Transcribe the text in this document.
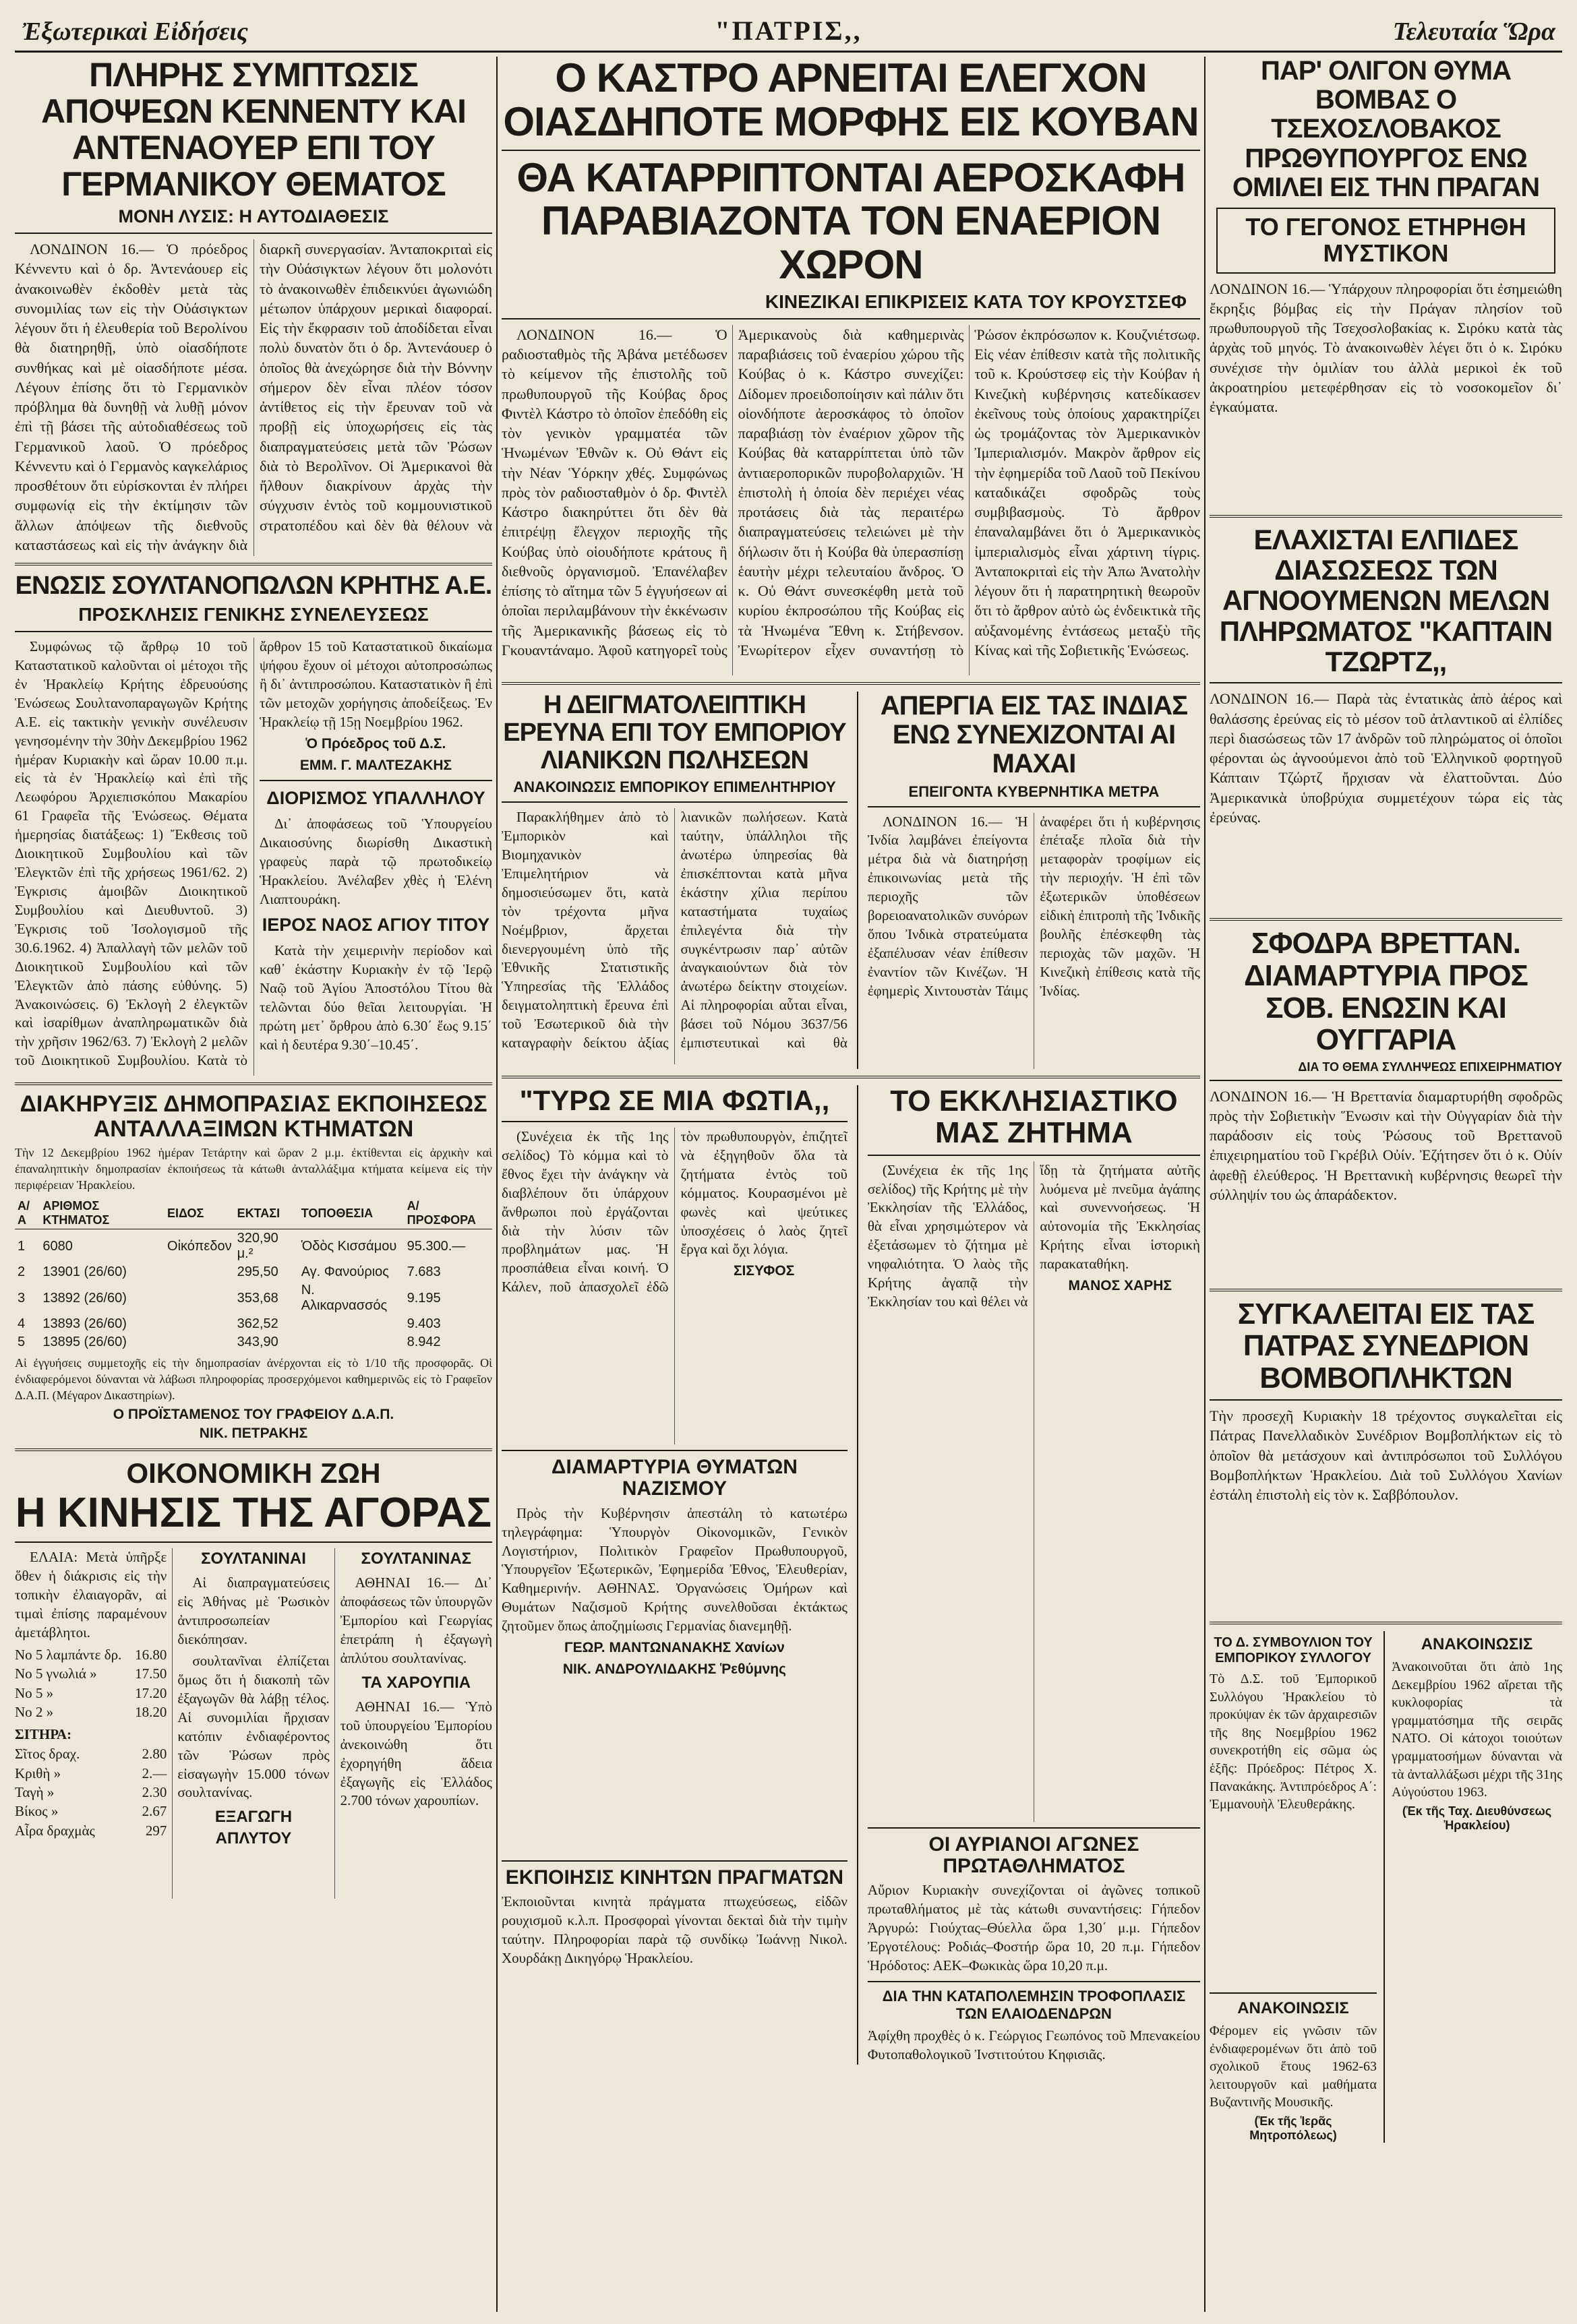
Ἐξωτερικαὶ Εἰδήσεις	"ΠΑΤΡΙΣ,,	Τελευταία Ὥρα
ΠΛΗΡΗΣ ΣΥΜΠΤΩΣΙΣ ΑΠΟΨΕΩΝ ΚΕΝΝΕΝΤΥ ΚΑΙ ΑΝΤΕΝΑΟΥΕΡ ΕΠΙ ΤΟΥ ΓΕΡΜΑΝΙΚΟΥ ΘΕΜΑΤΟΣ
ΜΟΝΗ ΛΥΣΙΣ: Η ΑΥΤΟΔΙΑΘΕΣΙΣ

ΛΟΝΔΙΝΟΝ 16.— Ὁ πρόεδρος Κέννεντυ καὶ ὁ δρ. Ἀντενάουερ εἰς ἀνακοινωθὲν ἐκδοθὲν μετὰ τὰς συνομιλίας των εἰς τὴν Οὐάσιγκτων λέγουν ὅτι ἡ ἐλευθερία τοῦ Βερολίνου θὰ διατηρηθῇ, ὑπὸ οἰασδήποτε συνθήκας καὶ μὲ οἰασδήποτε μέσα. Λέγουν ἐπίσης ὅτι τὸ Γερμανικὸν πρόβλημα θὰ δυνηθῇ νὰ λυθῇ μόνον ἐπὶ τῇ βάσει τῆς αὐτοδιαθέσεως τοῦ Γερμανικοῦ λαοῦ. Ὁ πρόεδρος Κέννεντυ καὶ ὁ Γερμανὸς καγκελάριος προσθέτουν ὅτι εὑρίσκονται ἐν πλήρει συμφωνίᾳ εἰς τὴν ἐκτίμησιν τῶν ἄλλων ἀπόψεων τῆς διεθνοῦς καταστάσεως καὶ εἰς τὴν ἀνάγκην διὰ διαρκῆ συνεργασίαν. Ἀνταποκριταὶ εἰς τὴν Οὐάσιγκτων λέγουν ὅτι μολονότι τὸ ἀνακοινωθὲν ἐπιδεικνύει ἀγωνιώδη μέτωπον ὑπάρχουν μερικαὶ διαφοραί. Εἰς τὴν ἔκφρασιν τοῦ ἀποδίδεται εἶναι πολὺ δυνατὸν ὅτι ὁ δρ. Ἀντενάουερ ὁ ὁποῖος θὰ ἀνεχώρησε διὰ τὴν Βόννην σήμερον δὲν εἶναι πλέον τόσον ἀντίθετος εἰς τὴν ἔρευναν τοῦ νὰ προβῇ εἰς ὑποχωρήσεις εἰς τὰς διαπραγματεύσεις μετὰ τῶν Ῥώσων διὰ τὸ Βερολῖνον. Οἱ Ἀμερικανοὶ θὰ ἤλθουν διακρίνουν ἀρχὰς τὴν σύγχυσιν ἐντὸς τοῦ κομμουνιστικοῦ στρατοπέδου καὶ δὲν θὰ θέλουν νὰ

ΕΝΩΣΙΣ ΣΟΥΛΤΑΝΟΠΩΛΩΝ ΚΡΗΤΗΣ Α.Ε.
ΠΡΟΣΚΛΗΣΙΣ ΓΕΝΙΚΗΣ ΣΥΝΕΛΕΥΣΕΩΣ

Συμφώνως τῷ ἄρθρῳ 10 τοῦ Καταστατικοῦ καλοῦνται οἱ μέτοχοι τῆς ἐν Ἡρακλείῳ Κρήτης ἐδρευούσης Ἑνώσεως Σουλτανοπαραγωγῶν Κρήτης Α.Ε. εἰς τακτικὴν γενικὴν συνέλευσιν γενησομένην τὴν 30ὴν Δεκεμβρίου 1962 ἡμέραν Κυριακὴν καὶ ὥραν 10.00 π.μ. εἰς τὰ ἐν Ἡρακλείῳ καὶ ἐπὶ τῆς Λεωφόρου Ἀρχιεπισκόπου Μακαρίου 61 Γραφεῖα τῆς Ἑνώσεως. Θέματα ἡμερησίας διατάξεως: 1) Ἔκθεσις τοῦ Διοικητικοῦ Συμβουλίου καὶ τῶν Ἐλεγκτῶν ἐπὶ τῆς χρήσεως 1961/62. 2) Ἐγκρισις ἀμοιβῶν Διοικητικοῦ Συμβουλίου καὶ Διευθυντοῦ. 3) Ἐγκρισις τοῦ Ἰσολογισμοῦ τῆς 30.6.1962. 4) Ἀπαλλαγὴ τῶν μελῶν τοῦ Διοικητικοῦ Συμβουλίου καὶ τῶν Ἐλεγκτῶν ἀπὸ πάσης εὐθύνης. 5) Ἀνακοινώσεις. 6) Ἐκλογὴ 2 ἐλεγκτῶν καὶ ἰσαρίθμων ἀναπληρωματικῶν διὰ τὴν χρῆσιν 1962/63. 7) Ἐκλογὴ 2 μελῶν τοῦ Διοικητικοῦ Συμβουλίου. Κατὰ τὸ ἄρθρον 15 τοῦ Καταστατικοῦ δικαίωμα ψήφου ἔχουν οἱ μέτοχοι αὐτοπροσώπως ἢ δι᾽ ἀντιπροσώπου. Καταστατικὸν ἢ ἐπὶ τῶν μετοχῶν χορήγησις ἀποδείξεως. Ἐν Ἡρακλείῳ τῇ 15ῃ Νοεμβρίου 1962.

Ὁ Πρόεδρος τοῦ Δ.Σ.
ΕΜΜ. Γ. ΜΑΛΤΕΖΑΚΗΣ
ΔΙΟΡΙΣΜΟΣ ΥΠΑΛΛΗΛΟΥ

Δι᾽ ἀποφάσεως τοῦ Ὑπουργείου Δικαιοσύνης διωρίσθη Δικαστικὴ γραφεὺς παρὰ τῷ πρωτοδικείῳ Ἡρακλείου. Ἀνέλαβεν χθὲς ἡ Ἑλένη Λιαπτουράκη.

ΙΕΡΟΣ ΝΑΟΣ ΑΓΙΟΥ ΤΙΤΟΥ

Κατὰ τὴν χειμερινὴν περίοδον καὶ καθ᾽ ἑκάστην Κυριακὴν ἐν τῷ Ἱερῷ Ναῷ τοῦ Ἁγίου Ἀποστόλου Τίτου θὰ τελῶνται δύο θεῖαι λειτουργίαι. Ἡ πρώτη μετ᾽ ὄρθρου ἀπὸ 6.30΄ ἕως 9.15΄ καὶ ἡ δευτέρα 9.30΄–10.45΄.

ΔΙΑΚΗΡΥΞΙΣ ΔΗΜΟΠΡΑΣΙΑΣ ΕΚΠΟΙΗΣΕΩΣ ΑΝΤΑΛΛΑΞΙΜΩΝ ΚΤΗΜΑΤΩΝ
Τὴν 12 Δεκεμβρίου 1962 ἡμέραν Τετάρτην καὶ ὥραν 2 μ.μ. ἐκτίθενται εἰς ἀρχικὴν καὶ ἐπαναληπτικὴν δημοπρασίαν ἐκποιήσεως τὰ κάτωθι ἀνταλλάξιμα κτήματα κείμενα εἰς τὴν περιφέρειαν Ἡρακλείου.
Α/Α	ΑΡΙΘΜΟΣ ΚΤΗΜΑΤΟΣ	ΕΙΔΟΣ	ΕΚΤΑΣΙ	ΤΟΠΟΘΕΣΙΑ	Α/ ΠΡΟΣΦΟΡΑ
1	6080	Οἰκόπεδον	320,90 μ.²	Ὁδὸς Κισσάμου	95.300.—
2	13901 (26/60)		295,50	Αγ. Φανούριος	7.683
3	13892 (26/60)		353,68	Ν. Αλικαρνασσός	9.195
4	13893 (26/60)		362,52		9.403
5	13895 (26/60)		343,90		8.942
Αἱ ἐγγυήσεις συμμετοχῆς εἰς τὴν δημοπρασίαν ἀνέρχονται εἰς τὸ 1/10 τῆς προσφορᾶς. Οἱ ἐνδιαφερόμενοι δύνανται νὰ λάβωσι πληροφορίας προσερχόμενοι καθημερινῶς εἰς τὸ Γραφεῖον Δ.Α.Π. (Μέγαρον Δικαστηρίων).
Ο ΠΡΟΪΣΤΑΜΕΝΟΣ ΤΟΥ ΓΡΑΦΕΙΟΥ Δ.Α.Π.
ΝΙΚ. ΠΕΤΡΑΚΗΣ
ΟΙΚΟΝΟΜΙΚΗ ΖΩΗ
Η ΚΙΝΗΣΙΣ ΤΗΣ ΑΓΟΡΑΣ

ΕΛΑΙΑ: Μετὰ ὑπῆρξε ὅθεν ἡ διάκρισις εἰς τὴν τοπικὴν ἐλαιαγορᾶν, αἱ τιμαὶ ἐπίσης παραμένουν ἀμετάβλητοι.

Νο 5 λαμπάντε δρ. 16.80
Νο 5 γνωλιά »	17.50
Νο 5 »	17.20
Νο 2 »	18.20
ΣΙΤΗΡΑ:
Σῖτος δραχ.	2.80
Κριθὴ »	2.—
Ταγὴ »	2.30
Βίκος »	2.67
Αἶρα δραχμὰς	297
ΣΟΥΛΤΑΝΙΝΑΙ

Αἱ διαπραγματεύσεις εἰς Ἀθήνας μὲ Ῥωσικὸν ἀντιπροσωπείαν διεκόπησαν.

σουλτανῖναι ἐλπίζεται ὅμως ὅτι ἡ διακοπὴ τῶν ἐξαγωγῶν θὰ λάβῃ τέλος. Αἱ συνομιλίαι ἤρχισαν κατόπιν ἐνδιαφέροντος τῶν Ῥώσων πρὸς εἰσαγωγὴν 15.000 τόνων σουλτανίνας.

ΕΞΑΓΩΓΗ ΑΠΛΥΤΟΥ ΣΟΥΛΤΑΝΙΝΑΣ

ΑΘΗΝΑΙ 16.— Δι᾽ ἀποφάσεως τῶν ὑπουργῶν Ἐμπορίου καὶ Γεωργίας ἐπετράπη ἡ ἐξαγωγὴ ἀπλύτου σουλτανίνας.

ΤΑ ΧΑΡΟΥΠΙΑ

ΑΘΗΝΑΙ 16.— Ὑπὸ τοῦ ὑπουργείου Ἐμπορίου ἀνεκοινώθη ὅτι ἐχορηγήθη ἄδεια ἐξαγωγῆς εἰς Ἑλλάδος 2.700 τόνων χαρουπίων.

Ο ΚΑΣΤΡΟ ΑΡΝΕΙΤΑΙ ΕΛΕΓΧΟΝ ΟΙΑΣΔΗΠΟΤΕ ΜΟΡΦΗΣ ΕΙΣ ΚΟΥΒΑΝ
ΘΑ ΚΑΤΑΡΡΙΠΤΟΝΤΑΙ ΑΕΡΟΣΚΑΦΗ ΠΑΡΑΒΙΑΖΟΝΤΑ ΤΟΝ ΕΝΑΕΡΙΟΝ ΧΩΡΟΝ
ΚΙΝΕΖΙΚΑΙ ΕΠΙΚΡΙΣΕΙΣ ΚΑΤΑ ΤΟΥ ΚΡΟΥΣΤΣΕΦ

ΛΟΝΔΙΝΟΝ 16.— Ὁ ραδιοσταθμὸς τῆς Ἀβάνα μετέδωσεν τὸ κείμενον τῆς ἐπιστολῆς τοῦ πρωθυπουργοῦ τῆς Κούβας δρος Φιντὲλ Κάστρο τὸ ὁποῖον ἐπεδόθη εἰς τὸν γενικὸν γραμματέα τῶν Ἡνωμένων Ἐθνῶν κ. Οὐ Θάντ εἰς τὴν Νέαν Ὑόρκην χθές. Συμφώνως πρὸς τὸν ραδιοσταθμὸν ὁ δρ. Φιντὲλ Κάστρο διακηρύττει ὅτι δὲν θὰ ἐπιτρέψῃ ἔλεγχον περιοχῆς τῆς Κούβας ὑπὸ οἱουδήποτε κράτους ἢ διεθνοῦς ὀργανισμοῦ. Ἐπανέλαβεν ἐπίσης τὸ αἴτημα τῶν 5 ἐγγυήσεων αἱ ὁποῖαι περιλαμβάνουν τὴν ἐκκένωσιν τῆς Ἀμερικανικῆς βάσεως εἰς τὸ Γκουαντάναμο. Ἀφοῦ κατηγορεῖ τοὺς Ἀμερικανοὺς διὰ καθημερινὰς παραβιάσεις τοῦ ἐναερίου χώρου τῆς Κούβας ὁ κ. Κάστρο συνεχίζει: Δίδομεν προειδοποίησιν καὶ πάλιν ὅτι οἱονδήποτε ἀεροσκάφος τὸ ὁποῖον παραβιάσῃ τὸν ἐναέριον χῶρον τῆς Κούβας θὰ καταρρίπτεται ὑπὸ τῶν ἀντιαεροπορικῶν πυροβολαρχιῶν. Ἡ ἐπιστολὴ ἡ ὁποία δὲν περιέχει νέας προτάσεις διὰ τὰς περαιτέρω διαπραγματεύσεις τελειώνει μὲ τὴν δήλωσιν ὅτι ἡ Κούβα θὰ ὑπερασπίσῃ ἑαυτὴν μέχρι τελευταίου ἄνδρος. Ὁ κ. Οὐ Θάντ συνεσκέφθη μετὰ τοῦ κυρίου ἐκπροσώπου τῆς Κούβας εἰς τὰ Ἡνωμένα Ἔθνη κ. Στήβενσον. Ἐνωρίτερον εἶχεν συναντήσῃ τὸ Ῥώσον ἐκπρόσωπον κ. Κουζνιέτσωφ. Εἰς νέαν ἐπίθεσιν κατὰ τῆς πολιτικῆς τοῦ κ. Κρούστσεφ εἰς τὴν Κούβαν ἡ Κινεζικὴ κυβέρνησις κατεδίκασεν ἐκεῖνους τοὺς ὁποίους χαρακτηρίζει ὡς τρομάζοντας τὸν Ἀμερικανικὸν Ἰμπεριαλισμόν. Μακρὸν ἄρθρον εἰς τὴν ἐφημερίδα τοῦ Λαοῦ τοῦ Πεκίνου καταδικάζει σφοδρῶς τοὺς συμβιβασμοὺς. Τὸ ἄρθρον ἐπαναλαμβάνει ὅτι ὁ Ἀμερικανικὸς ἰμπεριαλισμὸς εἶναι χάρτινη τίγρις. Ἀνταποκριταὶ εἰς τὴν Ἀπω Ἀνατολὴν λέγουν ὅτι ἡ παρατηρητικὴ θεωροῦν ὅτι τὸ ἄρθρον αὐτὸ ὡς ἐνδεικτικὰ τῆς αὐξανομένης ἐντάσεως μεταξὺ τῆς Κίνας καὶ τῆς Σοβιετικῆς Ἑνώσεως.

Η ΔΕΙΓΜΑΤΟΛΕΙΠΤΙΚΗ ΕΡΕΥΝΑ ΕΠΙ ΤΟΥ ΕΜΠΟΡΙΟΥ ΛΙΑΝΙΚΩΝ ΠΩΛΗΣΕΩΝ
ΑΝΑΚΟΙΝΩΣΙΣ ΕΜΠΟΡΙΚΟΥ ΕΠΙΜΕΛΗΤΗΡΙΟΥ

Παρακλήθημεν ἀπὸ τὸ Ἐμπορικὸν καὶ Βιομηχανικὸν Ἐπιμελητήριον νὰ δημοσιεύσωμεν ὅτι, κατὰ τὸν τρέχοντα μῆνα Νοέμβριον, ἄρχεται διενεργουμένη ὑπὸ τῆς Ἐθνικῆς Στατιστικῆς Ὑπηρεσίας τῆς Ἑλλάδος δειγματοληπτικὴ ἔρευνα ἐπὶ τοῦ Ἐσωτερικοῦ διὰ τὴν καταγραφὴν δείκτου ἀξίας λιανικῶν πωλήσεων. Κατὰ ταύτην, ὑπάλληλοι τῆς ἀνωτέρω ὑπηρεσίας θὰ ἐπισκέπτονται κατὰ μῆνα ἑκάστην χίλια περίπου καταστήματα τυχαίως ἐπιλεγέντα διὰ τὴν συγκέντρωσιν παρ᾽ αὐτῶν ἀναγκαιούντων διὰ τὸν ἀνωτέρω δείκτην στοιχείων. Αἱ πληροφορίαι αὗται εἶναι, βάσει τοῦ Νόμου 3637/56 ἐμπιστευτικαὶ καὶ θὰ

ΑΠΕΡΓΙΑ ΕΙΣ ΤΑΣ ΙΝΔΙΑΣ ΕΝΩ ΣΥΝΕΧΙΖΟΝΤΑΙ ΑΙ ΜΑΧΑΙ
ΕΠΕΙΓΟΝΤΑ ΚΥΒΕΡΝΗΤΙΚΑ ΜΕΤΡΑ

ΛΟΝΔΙΝΟΝ 16.— Ἡ Ἰνδία λαμβάνει ἐπείγοντα μέτρα διὰ νὰ διατηρήσῃ ἐπικοινωνίας μετὰ τῆς περιοχῆς τῶν βορειοανατολικῶν συνόρων ὅπου Ἰνδικὰ στρατεύματα ἐξαπέλυσαν νέαν ἐπίθεσιν ἐναντίον τῶν Κινέζων. Ἡ ἐφημερὶς Χιντουστὰν Τάιμς ἀναφέρει ὅτι ἡ κυβέρνησις ἐπέταξε πλοῖα διὰ τὴν μεταφορὰν τροφίμων εἰς τὴν περιοχήν. Ἡ ἐπὶ τῶν ἐξωτερικῶν ὑποθέσεων εἰδικὴ ἐπιτροπὴ τῆς Ἰνδικῆς βουλῆς ἐπέσκεφθη τὰς περιοχὰς τῶν μαχῶν. Ἡ Κινεζικὴ ἐπίθεσις κατὰ τῆς Ἰνδίας.

"ΤΥΡΩ ΣΕ ΜΙΑ ΦΩΤΙΑ,,

(Συνέχεια ἐκ τῆς 1ης σελίδος) Τὸ κόμμα καὶ τὸ ἔθνος ἔχει τὴν ἀνάγκην νὰ διαβλέπουν ὅτι ὑπάρχουν ἄνθρωποι ποὺ ἐργάζονται διὰ τὴν λύσιν τῶν προβλημάτων μας. Ἡ προσπάθεια εἶναι κοινή. Ὁ Κάλεν, ποῦ ἀπασχολεῖ ἐδῶ τὸν πρωθυπουργὸν, ἐπιζητεῖ νὰ ἐξηγηθοῦν ὅλα τὰ ζητήματα ἐντὸς τοῦ κόμματος. Κουρασμένοι μὲ φωνὲς καὶ ψεύτικες ὑποσχέσεις ὁ λαὸς ζητεῖ ἔργα καὶ ὄχι λόγια.

ΣΙΣΥΦΟΣ
ΔΙΑΜΑΡΤΥΡΙΑ ΘΥΜΑΤΩΝ ΝΑΖΙΣΜΟΥ

Πρὸς τὴν Κυβέρνησιν ἀπεστάλη τὸ κατωτέρω τηλεγράφημα: Ὑπουργὸν Οἰκονομικῶν, Γενικὸν Λογιστήριον, Πολιτικὸν Γραφεῖον Πρωθυπουργοῦ, Ὑπουργεῖον Ἐξωτερικῶν, Ἐφημερίδα Ἐθνος, Ἐλευθερίαν, Καθημερινήν. ΑΘΗΝΑΣ. Ὀργανώσεις Ὁμήρων καὶ Θυμάτων Ναζισμοῦ Κρήτης συνελθοῦσαι ἐκτάκτως ζητοῦμεν ὅπως ἀποζημίωσις Γερμανίας διανεμηθῇ.

ΓΕΩΡ. ΜΑΝΤΩΝΑΝΑΚΗΣ Χανίων
ΝΙΚ. ΑΝΔΡΟΥΛΙΔΑΚΗΣ Ῥεθύμνης
ΕΚΠΟΙΗΣΙΣ ΚΙΝΗΤΩΝ ΠΡΑΓΜΑΤΩΝ
Ἐκποιοῦνται κινητὰ πράγματα πτωχεύσεως, εἰδῶν ρουχισμοῦ κ.λ.π. Προσφοραὶ γίνονται δεκταὶ διὰ τὴν τιμὴν ταύτην. Πληροφορίαι παρὰ τῷ συνδίκῳ Ἰωάννῃ Νικολ. Χουρδάκῃ Δικηγόρῳ Ἡρακλείου.
ΤΟ ΕΚΚΛΗΣΙΑΣΤΙΚΟ ΜΑΣ ΖΗΤΗΜΑ

(Συνέχεια ἐκ τῆς 1ης σελίδος) τῆς Κρήτης μὲ τὴν Ἐκκλησίαν τῆς Ἑλλάδος, θὰ εἶναι χρησιμώτερον νὰ ἐξετάσωμεν τὸ ζήτημα μὲ νηφαλιότητα. Ὁ λαὸς τῆς Κρήτης ἀγαπᾷ τὴν Ἐκκλησίαν του καὶ θέλει νὰ ἴδῃ τὰ ζητήματα αὐτῆς λυόμενα μὲ πνεῦμα ἀγάπης καὶ συνεννοήσεως. Ἡ αὐτονομία τῆς Ἐκκλησίας Κρήτης εἶναι ἱστορικὴ παρακαταθήκη.

ΜΑΝΟΣ ΧΑΡΗΣ
ΟΙ ΑΥΡΙΑΝΟΙ ΑΓΩΝΕΣ ΠΡΩΤΑΘΛΗΜΑΤΟΣ
Αὔριον Κυριακὴν συνεχίζονται οἱ ἀγῶνες τοπικοῦ πρωταθλήματος μὲ τὰς κάτωθι συναντήσεις: Γήπεδον Ἀργυρώ: Γιούχτας–Θύελλα ὥρα 1,30΄ μ.μ. Γήπεδον Ἐργοτέλους: Ροδιάς–Φοστήρ ὥρα 10, 20 π.μ. Γήπεδον Ἡρόδοτος: ΑΕΚ–Φωκικὰς ὥρα 10,20 π.μ.
ΔΙΑ ΤΗΝ ΚΑΤΑΠΟΛΕΜΗΣΙΝ ΤΡΟΦΟΠΛΑΣΙΣ ΤΩΝ ΕΛΑΙΟΔΕΝΔΡΩΝ
Ἀφίχθη προχθὲς ὁ κ. Γεώργιος Γεωπόνος τοῦ Μπενακείου Φυτοπαθολογικοῦ Ἰνστιτούτου Κηφισιᾶς.
ΠΑΡ' ΟΛΙΓΟΝ ΘΥΜΑ ΒΟΜΒΑΣ Ο ΤΣΕΧΟΣΛΟΒΑΚΟΣ ΠΡΩΘΥΠΟΥΡΓΟΣ ΕΝΩ ΟΜΙΛΕΙ ΕΙΣ ΤΗΝ ΠΡΑΓΑΝ
ΤΟ ΓΕΓΟΝΟΣ ΕΤΗΡΗΘΗ ΜΥΣΤΙΚΟΝ
ΛΟΝΔΙΝΟΝ 16.— Ὑπάρχουν πληροφορίαι ὅτι ἐσημειώθη ἔκρηξις βόμβας εἰς τὴν Πράγαν πλησίον τοῦ πρωθυπουργοῦ τῆς Τσεχοσλοβακίας κ. Σιρόκυ κατὰ τὰς ἀρχὰς τοῦ μηνός. Τὸ ἀνακοινωθὲν λέγει ὅτι ὁ κ. Σιρόκυ συνέχισε τὴν ὁμιλίαν του ἀλλὰ μερικοὶ ἐκ τοῦ ἀκροατηρίου μετεφέρθησαν εἰς τὸ νοσοκομεῖον δι᾽ ἐγκαύματα.
ΕΛΑΧΙΣΤΑΙ ΕΛΠΙΔΕΣ ΔΙΑΣΩΣΕΩΣ ΤΩΝ ΑΓΝΟΟΥΜΕΝΩΝ ΜΕΛΩΝ ΠΛΗΡΩΜΑΤΟΣ "ΚΑΠΤΑΙΝ ΤΖΩΡΤΖ,,
ΛΟΝΔΙΝΟΝ 16.— Παρὰ τὰς ἐντατικὰς ἀπὸ ἀέρος καὶ θαλάσσης ἐρεύνας εἰς τὸ μέσον τοῦ ἀτλαντικοῦ αἱ ἐλπίδες περὶ διασώσεως τῶν 17 ἀνδρῶν τοῦ πληρώματος οἱ ὁποῖοι φέρονται ὡς ἀγνοούμενοι ἀπὸ τοῦ Ἑλληνικοῦ φορτηγοῦ Κάπταιν Τζώρτζ ἤρχισαν νὰ ἐλαττοῦνται. Δύο Ἀμερικανικὰ ὑποβρύχια συμμετέχουν τώρα εἰς τὰς ἐρεύνας.
ΣΦΟΔΡΑ ΒΡΕΤΤΑΝ. ΔΙΑΜΑΡΤΥΡΙΑ ΠΡΟΣ ΣΟΒ. ΕΝΩΣΙΝ ΚΑΙ ΟΥΓΓΑΡΙΑ
ΔΙΑ ΤΟ ΘΕΜΑ ΣΥΛΛΗΨΕΩΣ ΕΠΙΧΕΙΡΗΜΑΤΙΟΥ
ΛΟΝΔΙΝΟΝ 16.— Ἡ Βρεττανία διαμαρτυρήθη σφοδρῶς πρὸς τὴν Σοβιετικὴν Ἕνωσιν καὶ τὴν Οὐγγαρίαν διὰ τὴν παράδοσιν εἰς τοὺς Ῥώσους τοῦ Βρεττανοῦ ἐπιχειρηματίου τοῦ Γκρέβιλ Οὐίν. Ἐζήτησεν ὅτι ὁ κ. Οὐίν ἀφεθῇ ἐλεύθερος. Ἡ Βρεττανικὴ κυβέρνησις θεωρεῖ τὴν σύλληψίν του ὡς ἀπαράδεκτον.
ΣΥΓΚΑΛΕΙΤΑΙ ΕΙΣ ΤΑΣ ΠΑΤΡΑΣ ΣΥΝΕΔΡΙΟΝ ΒΟΜΒΟΠΛΗΚΤΩΝ
Τὴν προσεχῆ Κυριακὴν 18 τρέχοντος συγκαλεῖται εἰς Πάτρας Πανελλαδικὸν Συνέδριον Βομβοπλήκτων εἰς τὸ ὁποῖον θὰ μετάσχουν καὶ ἀντιπρόσωποι τοῦ Συλλόγου Βομβοπλήκτων Ἡρακλείου. Διὰ τοῦ Συλλόγου Χανίων ἐστάλη ἐπιστολὴ εἰς τὸν κ. Σαββόπουλον.
ΤΟ Δ. ΣΥΜΒΟΥΛΙΟΝ ΤΟΥ ΕΜΠΟΡΙΚΟΥ ΣΥΛΛΟΓΟΥ
Τὸ Δ.Σ. τοῦ Ἐμπορικοῦ Συλλόγου Ἡρακλείου τὸ προκύψαν ἐκ τῶν ἀρχαιρεσιῶν τῆς 8ης Νοεμβρίου 1962 συνεκροτήθη εἰς σῶμα ὡς ἑξῆς: Πρόεδρος: Πέτρος Χ. Πανακάκης. Ἀντιπρόεδρος Α΄: Ἐμμανουὴλ Ἐλευθεράκης.
ΑΝΑΚΟΙΝΩΣΙΣ
Φέρομεν εἰς γνῶσιν τῶν ἐνδιαφερομένων ὅτι ἀπὸ τοῦ σχολικοῦ ἔτους 1962-63 λειτουργοῦν καὶ μαθήματα Βυζαντινῆς Μουσικῆς.
(Ἐκ τῆς Ἱερᾶς Μητροπόλεως)
ΑΝΑΚΟΙΝΩΣΙΣ
Ἀνακοινοῦται ὅτι ἀπὸ 1ης Δεκεμβρίου 1962 αἴρεται τῆς κυκλοφορίας τὰ γραμματόσημα τῆς σειρᾶς ΝΑΤΟ. Οἱ κάτοχοι τοιούτων γραμματοσήμων δύνανται νὰ τὰ ἀνταλλάξωσι μέχρι τῆς 31ης Αὐγούστου 1963.
(Ἐκ τῆς Ταχ. Διευθύνσεως Ἡρακλείου)
